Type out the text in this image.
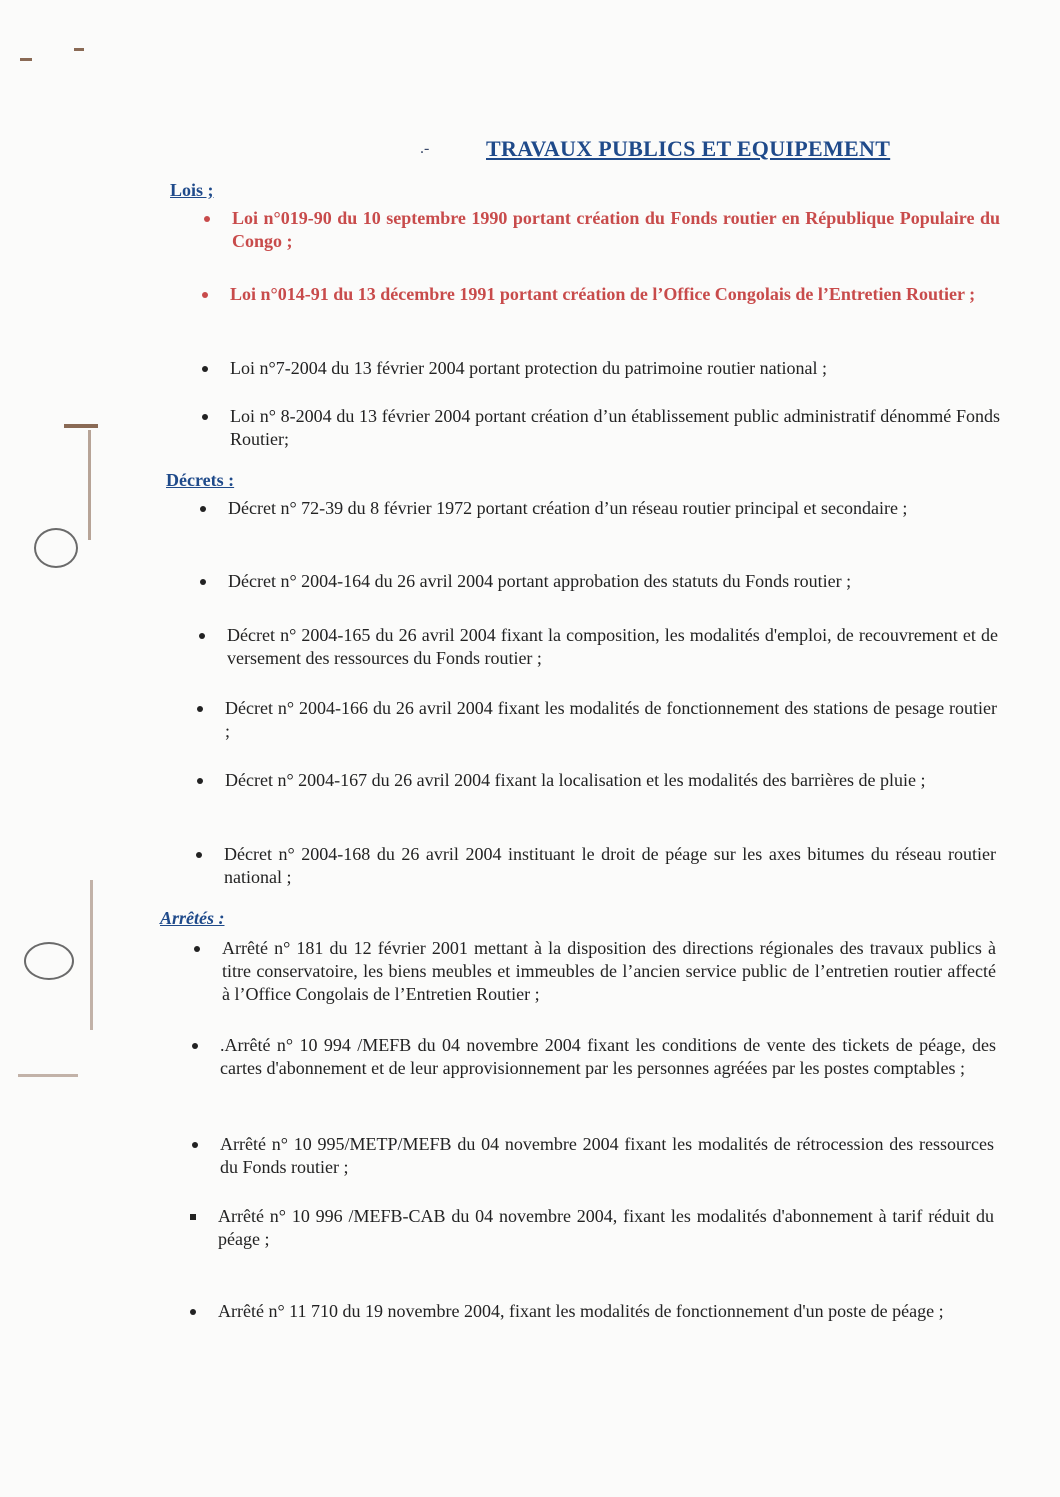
.-	TRAVAUX PUBLICS ET EQUIPEMENT
Lois ;
Loi n°019-90 du 10 septembre 1990 portant création du Fonds routier en République Populaire du Congo ;
Loi n°014-91 du 13 décembre 1991 portant création de l’Office Congolais de l’Entretien Routier ;
Loi n°7-2004 du 13 février 2004 portant protection du patrimoine routier national ;
Loi n° 8-2004 du 13 février 2004 portant création d’un établissement public administratif dénommé Fonds Routier;
Décrets :
Décret n° 72-39 du 8 février 1972 portant création d’un réseau routier principal et secondaire ;
Décret n° 2004-164 du 26 avril 2004 portant approbation des statuts du Fonds routier ;
Décret n° 2004-165 du 26 avril 2004 fixant la composition, les modalités d'emploi, de recouvrement et de versement des ressources du Fonds routier ;
Décret n° 2004-166 du 26 avril 2004 fixant les modalités de fonctionnement des stations de pesage routier ;
Décret n° 2004-167 du 26 avril 2004 fixant la localisation et les modalités des barrières de pluie ;
Décret n° 2004-168 du 26 avril 2004 instituant le droit de péage sur les axes bitumes du réseau routier national ;
Arrêtés :
Arrêté n° 181 du 12 février 2001 mettant à la disposition des directions régionales des travaux publics à titre conservatoire, les biens meubles et immeubles de l’ancien service public de l’entretien routier affecté à l’Office Congolais de l’Entretien Routier ;
.Arrêté n° 10 994 /MEFB du 04 novembre 2004 fixant les conditions de vente des tickets de péage, des cartes d'abonnement et de leur approvisionnement par les personnes agréées par les postes comptables ;
Arrêté n° 10 995/METP/MEFB du 04 novembre 2004 fixant les modalités de rétrocession des ressources du Fonds routier ;
Arrêté n° 10 996 /MEFB-CAB du 04 novembre 2004, fixant les modalités d'abonnement à tarif réduit du péage ;
Arrêté n° 11 710 du 19 novembre 2004, fixant les modalités de fonctionnement d'un poste de péage ;
